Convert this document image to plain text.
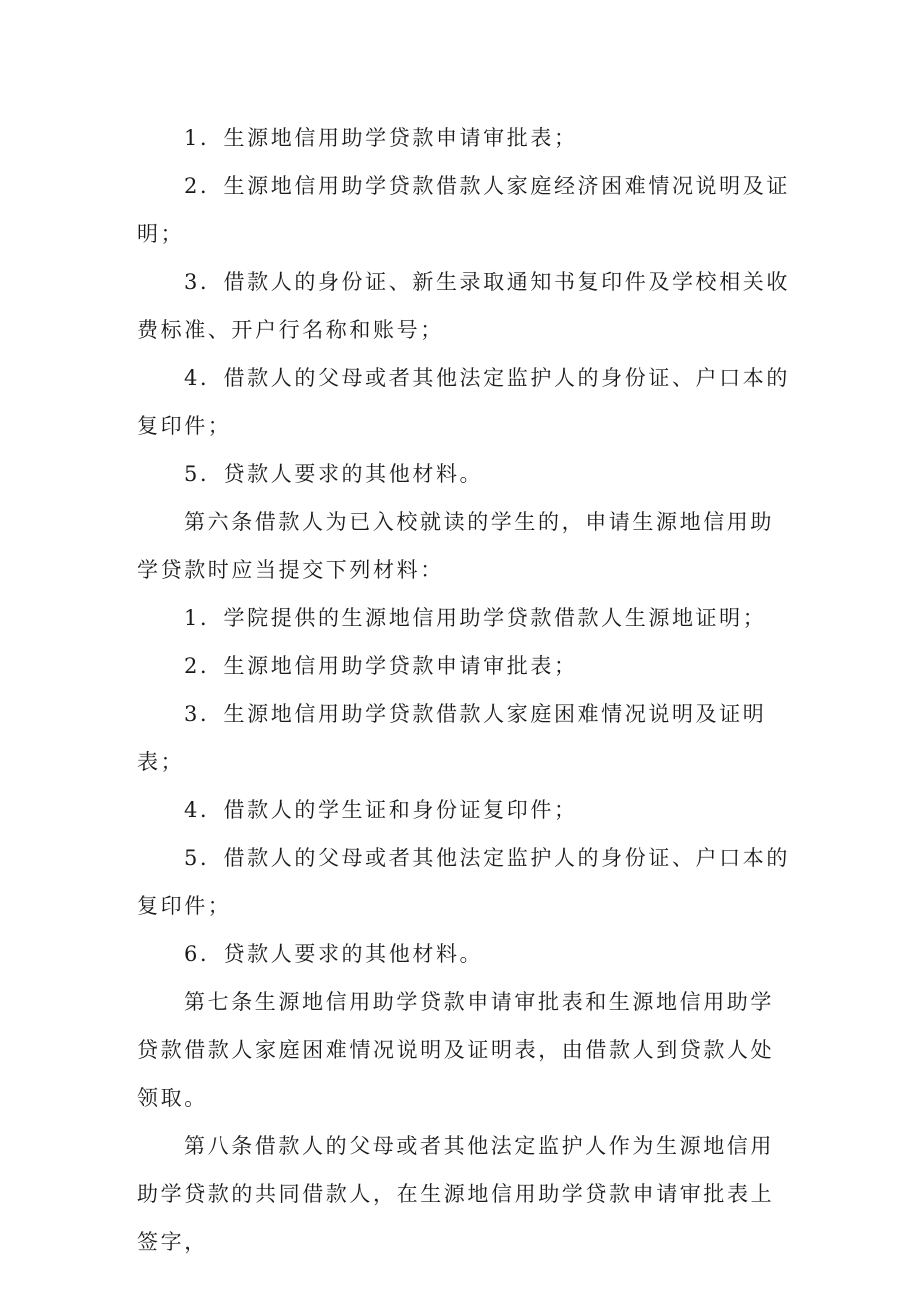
1．生源地信用助学贷款申请审批表；

2．生源地信用助学贷款借款人家庭经济困难情况说明及证明；

3．借款人的身份证、新生录取通知书复印件及学校相关收费标准、开户行名称和账号；

4．借款人的父母或者其他法定监护人的身份证、户口本的复印件；

5．贷款人要求的其他材料。

第六条借款人为已入校就读的学生的，申请生源地信用助学贷款时应当提交下列材料：

1．学院提供的生源地信用助学贷款借款人生源地证明；

2．生源地信用助学贷款申请审批表；

3．生源地信用助学贷款借款人家庭困难情况说明及证明表；

4．借款人的学生证和身份证复印件；

5．借款人的父母或者其他法定监护人的身份证、户口本的复印件；

6．贷款人要求的其他材料。

第七条生源地信用助学贷款申请审批表和生源地信用助学贷款借款人家庭困难情况说明及证明表，由借款人到贷款人处领取。

第八条借款人的父母或者其他法定监护人作为生源地信用助学贷款的共同借款人，在生源地信用助学贷款申请审批表上签字，
